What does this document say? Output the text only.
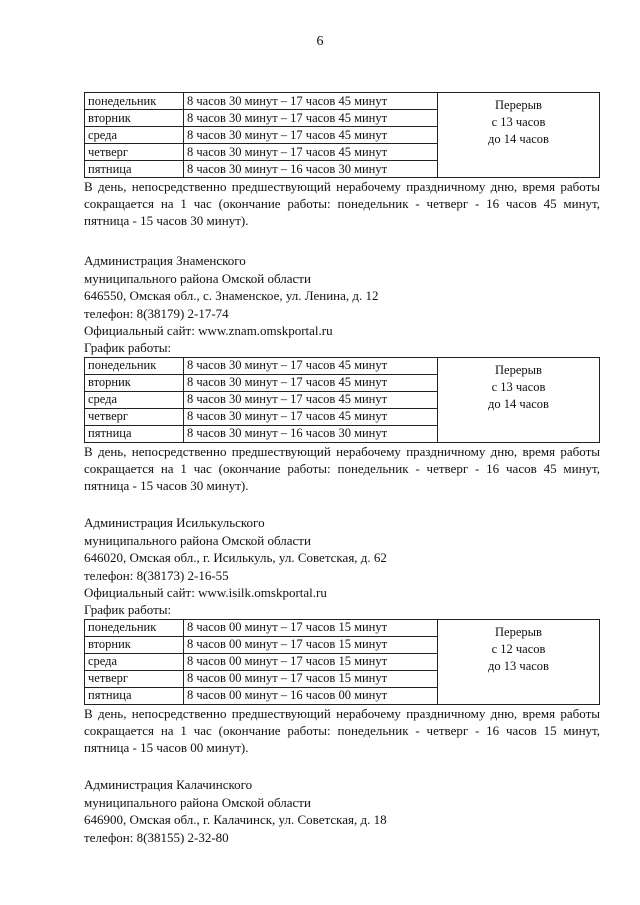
6
понедельник	8 часов 30 минут – 17 часов 45 минут	Перерыв
с 13 часов
до 14 часов

вторник	8 часов 30 минут – 17 часов 45 минут	
среда	8 часов 30 минут – 17 часов 45 минут	
четверг	8 часов 30 минут – 17 часов 45 минут	
пятница	8 часов 30 минут – 16 часов 30 минут	

В день, непосредственно предшествующий нерабочему праздничному дню, время работы сокращается на 1 час (окончание работы: понедельник - четверг - 16 часов 45 минут, пятница - 15 часов 30 минут).

Администрация Знаменского
муниципального района Омской области
646550, Омская обл., с. Знаменское, ул. Ленина, д. 12
телефон: 8(38179) 2-17-74
Официальный сайт: www.znam.omskportal.ru
График работы:
понедельник	8 часов 30 минут – 17 часов 45 минут	Перерыв
с 13 часов
до 14 часов

вторник	8 часов 30 минут – 17 часов 45 минут	
среда	8 часов 30 минут – 17 часов 45 минут	
четверг	8 часов 30 минут – 17 часов 45 минут	
пятница	8 часов 30 минут – 16 часов 30 минут	

В день, непосредственно предшествующий нерабочему праздничному дню, время работы сокращается на 1 час (окончание работы: понедельник - четверг - 16 часов 45 минут, пятница - 15 часов 30 минут).

Администрация Исилькульского
муниципального района Омской области
646020, Омская обл., г. Исилькуль, ул. Советская, д. 62
телефон: 8(38173) 2-16-55
Официальный сайт: www.isilk.omskportal.ru
График работы:
понедельник	8 часов 00 минут – 17 часов 15 минут	Перерыв
с 12 часов
до 13 часов

вторник	8 часов 00 минут – 17 часов 15 минут	
среда	8 часов 00 минут – 17 часов 15 минут	
четверг	8 часов 00 минут – 17 часов 15 минут	
пятница	8 часов 00 минут – 16 часов 00 минут	

В день, непосредственно предшествующий нерабочему праздничному дню, время работы сокращается на 1 час (окончание работы: понедельник - четверг - 16 часов 15 минут, пятница - 15 часов 00 минут).

Администрация Калачинского
муниципального района Омской области
646900, Омская обл., г. Калачинск, ул. Советская, д. 18
телефон: 8(38155) 2-32-80
